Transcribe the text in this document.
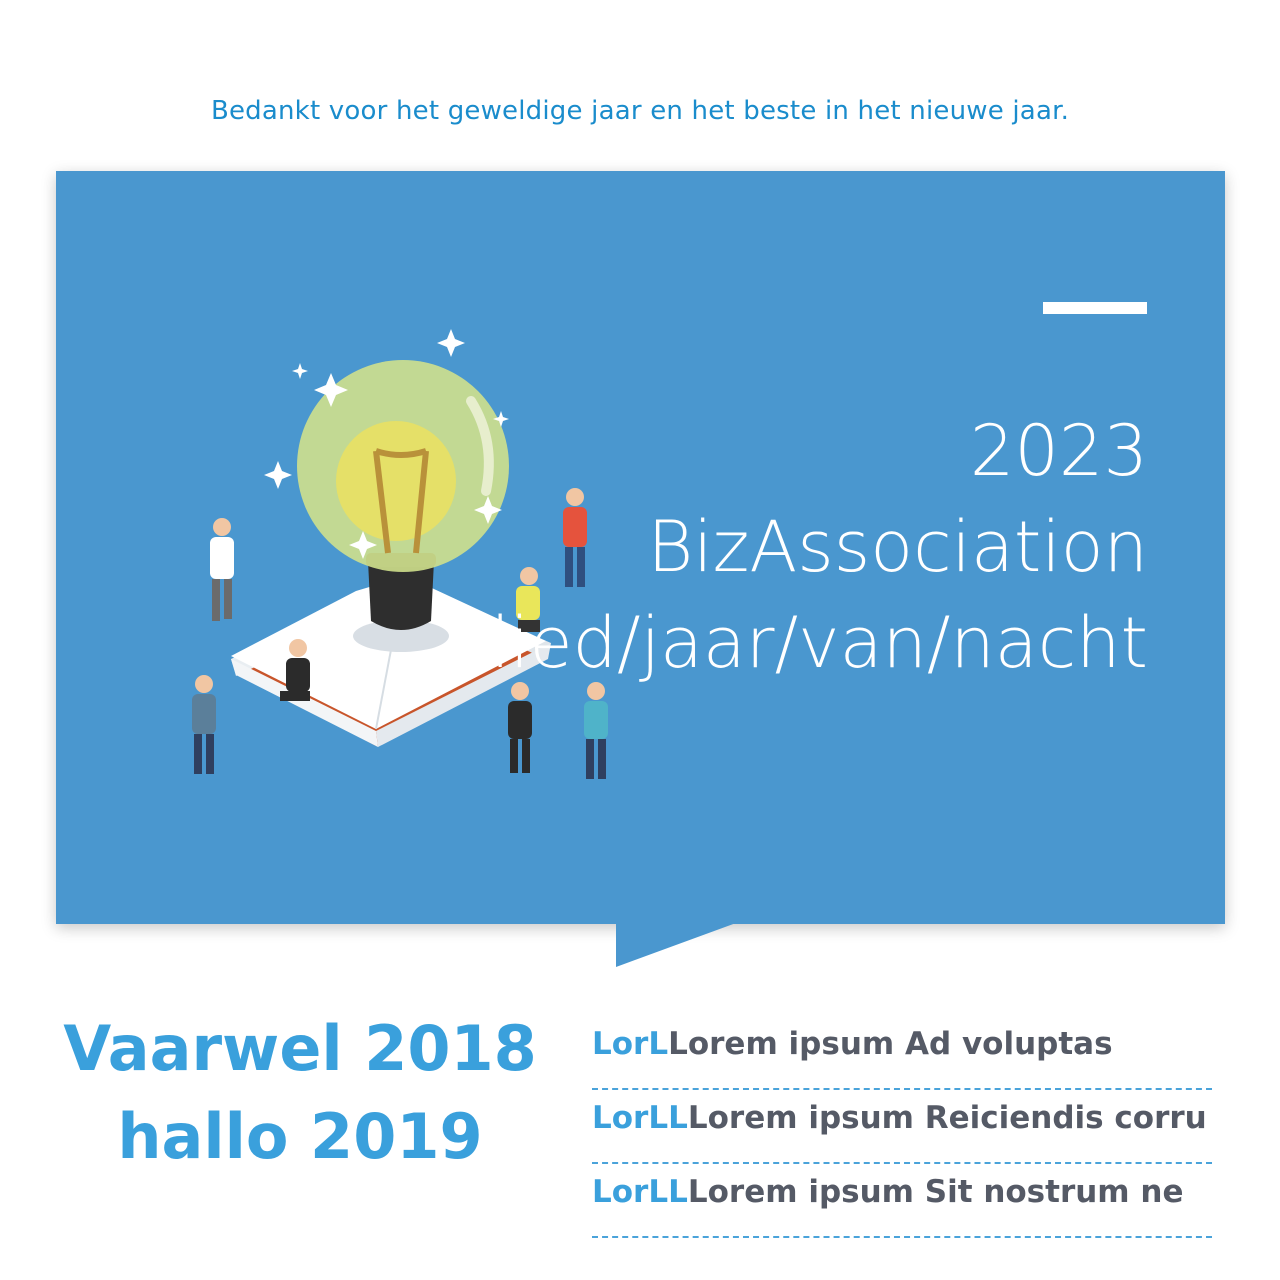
Bedankt voor het geweldige jaar en het beste in het nieuwe jaar.
2023
BizAssociation
lied/jaar/van/nacht
Vaarwel 2018
hallo 2019
LorLLorem ipsum Ad voluptas
LorLLLorem ipsum Reiciendis corru
LorLLLorem ipsum Sit nostrum ne
